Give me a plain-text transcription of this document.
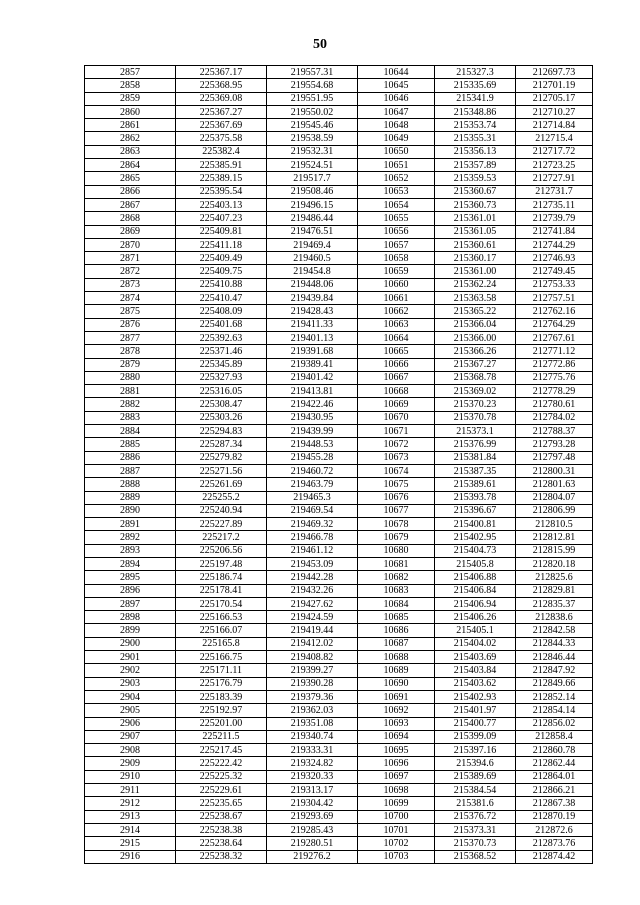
50
2857	225367.17	219557.31	10644	215327.3	212697.73
2858	225368.95	219554.68	10645	215335.69	212701.19
2859	225369.08	219551.95	10646	215341.9	212705.17
2860	225367.27	219550.02	10647	215348.86	212710.27
2861	225367.69	219545.46	10648	215353.74	212714.84
2862	225375.58	219538.59	10649	215355.31	212715.4
2863	225382.4	219532.31	10650	215356.13	212717.72
2864	225385.91	219524.51	10651	215357.89	212723.25
2865	225389.15	219517.7	10652	215359.53	212727.91
2866	225395.54	219508.46	10653	215360.67	212731.7
2867	225403.13	219496.15	10654	215360.73	212735.11
2868	225407.23	219486.44	10655	215361.01	212739.79
2869	225409.81	219476.51	10656	215361.05	212741.84
2870	225411.18	219469.4	10657	215360.61	212744.29
2871	225409.49	219460.5	10658	215360.17	212746.93
2872	225409.75	219454.8	10659	215361.00	212749.45
2873	225410.88	219448.06	10660	215362.24	212753.33
2874	225410.47	219439.84	10661	215363.58	212757.51
2875	225408.09	219428.43	10662	215365.22	212762.16
2876	225401.68	219411.33	10663	215366.04	212764.29
2877	225392.63	219401.13	10664	215366.00	212767.61
2878	225371.46	219391.68	10665	215366.26	212771.12
2879	225345.89	219389.41	10666	215367.27	212772.86
2880	225327.93	219401.42	10667	215368.78	212775.76
2881	225316.05	219413.81	10668	215369.02	212778.29
2882	225308.47	219422.46	10669	215370.23	212780.61
2883	225303.26	219430.95	10670	215370.78	212784.02
2884	225294.83	219439.99	10671	215373.1	212788.37
2885	225287.34	219448.53	10672	215376.99	212793.28
2886	225279.82	219455.28	10673	215381.84	212797.48
2887	225271.56	219460.72	10674	215387.35	212800.31
2888	225261.69	219463.79	10675	215389.61	212801.63
2889	225255.2	219465.3	10676	215393.78	212804.07
2890	225240.94	219469.54	10677	215396.67	212806.99
2891	225227.89	219469.32	10678	215400.81	212810.5
2892	225217.2	219466.78	10679	215402.95	212812.81
2893	225206.56	219461.12	10680	215404.73	212815.99
2894	225197.48	219453.09	10681	215405.8	212820.18
2895	225186.74	219442.28	10682	215406.88	212825.6
2896	225178.41	219432.26	10683	215406.84	212829.81
2897	225170.54	219427.62	10684	215406.94	212835.37
2898	225166.53	219424.59	10685	215406.26	212838.6
2899	225166.07	219419.44	10686	215405.1	212842.58
2900	225165.8	219412.02	10687	215404.02	212844.33
2901	225166.75	219408.82	10688	215403.69	212846.44
2902	225171.11	219399.27	10689	215403.84	212847.92
2903	225176.79	219390.28	10690	215403.62	212849.66
2904	225183.39	219379.36	10691	215402.93	212852.14
2905	225192.97	219362.03	10692	215401.97	212854.14
2906	225201.00	219351.08	10693	215400.77	212856.02
2907	225211.5	219340.74	10694	215399.09	212858.4
2908	225217.45	219333.31	10695	215397.16	212860.78
2909	225222.42	219324.82	10696	215394.6	212862.44
2910	225225.32	219320.33	10697	215389.69	212864.01
2911	225229.61	219313.17	10698	215384.54	212866.21
2912	225235.65	219304.42	10699	215381.6	212867.38
2913	225238.67	219293.69	10700	215376.72	212870.19
2914	225238.38	219285.43	10701	215373.31	212872.6
2915	225238.64	219280.51	10702	215370.73	212873.76
2916	225238.32	219276.2	10703	215368.52	212874.42
